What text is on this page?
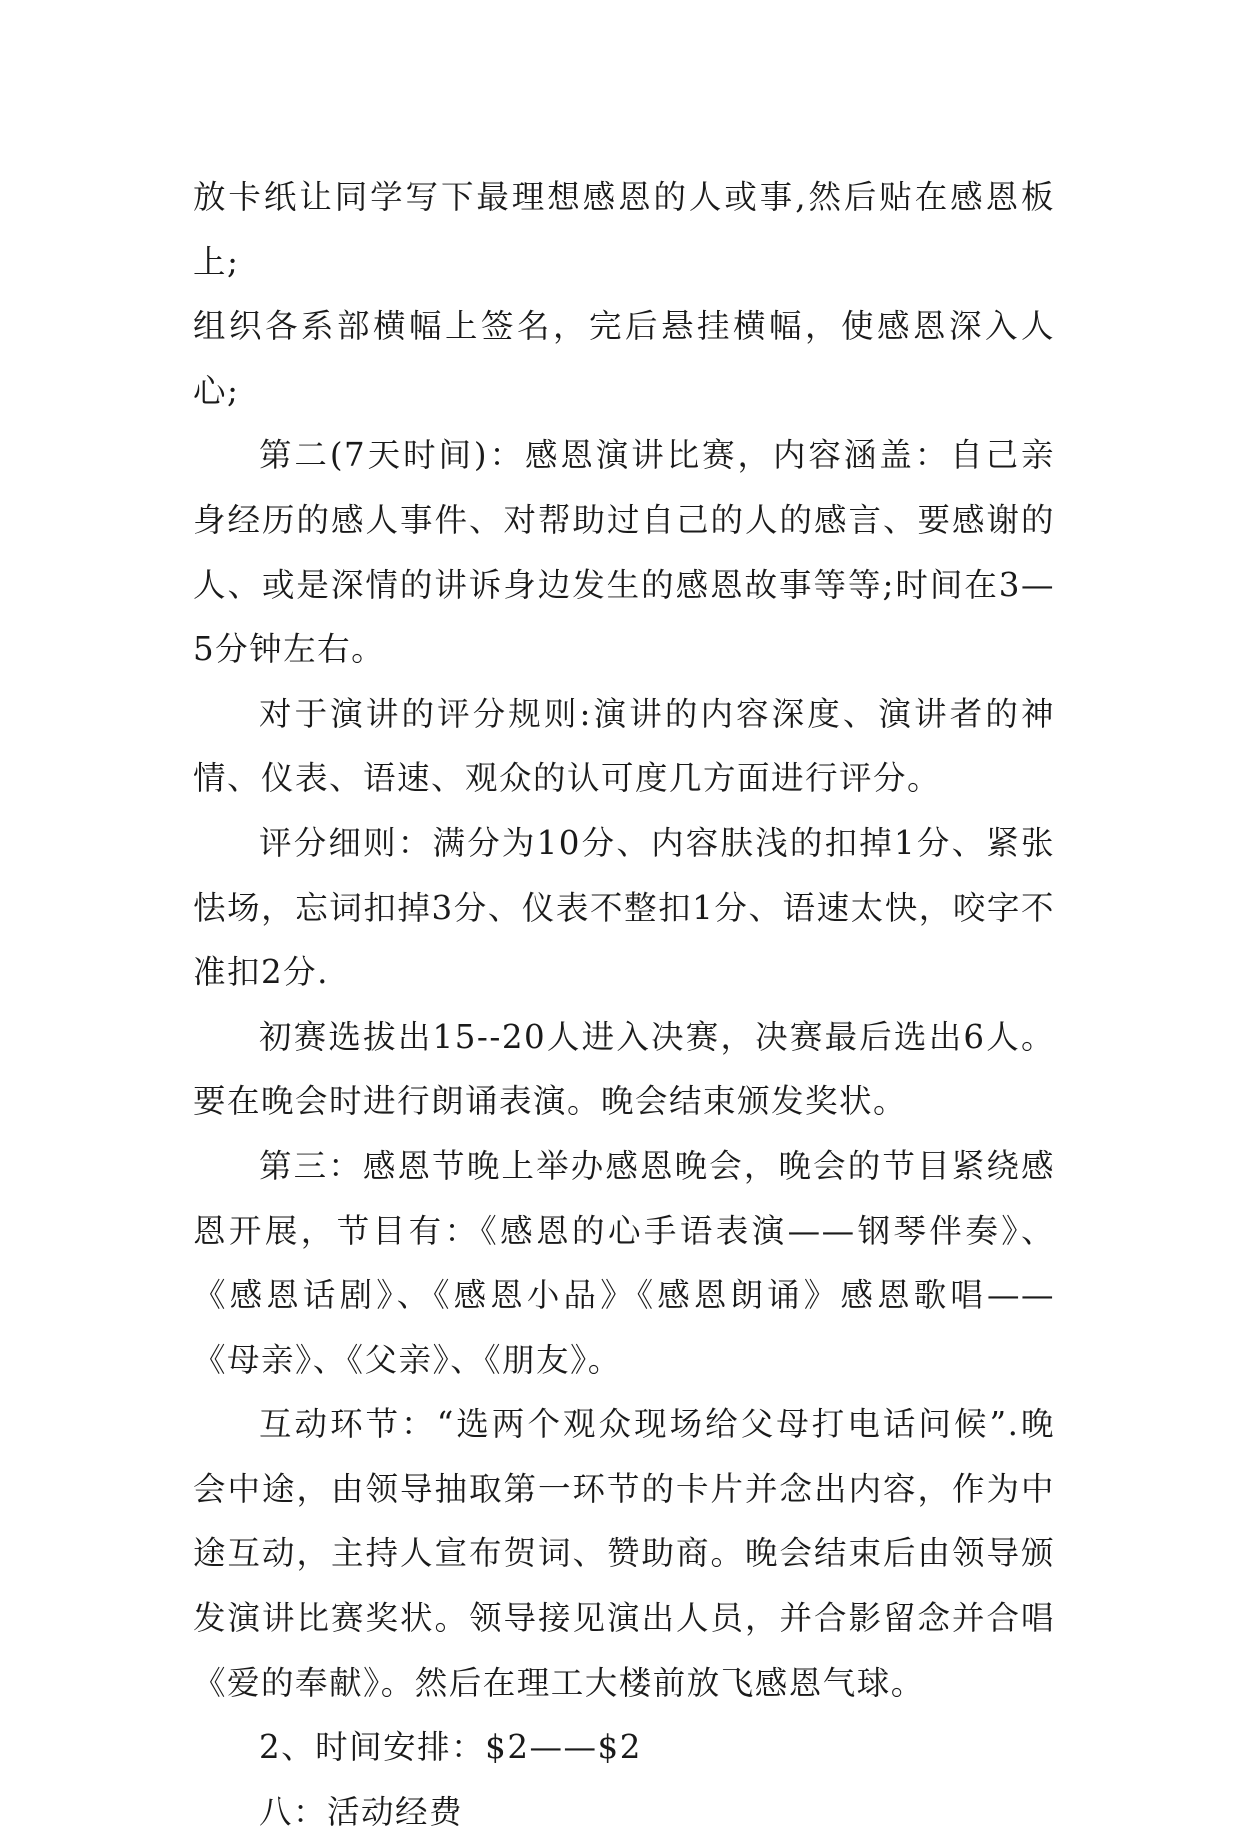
放卡纸让同学写下最理想感恩的人或事,然后贴在感恩板上;

组织各系部横幅上签名，完后悬挂横幅，使感恩深入人心;

第二(7天时间)：感恩演讲比赛，内容涵盖：自己亲身经历的感人事件、对帮助过自己的人的感言、要感谢的人、或是深情的讲诉身边发生的感恩故事等等;时间在3—5分钟左右。

对于演讲的评分规则:演讲的内容深度、演讲者的神情、仪表、语速、观众的认可度几方面进行评分。

评分细则：满分为10分、内容肤浅的扣掉1分、紧张怯场，忘词扣掉3分、仪表不整扣1分、语速太快，咬字不准扣2分.

初赛选拔出15--20人进入决赛，决赛最后选出6人。要在晚会时进行朗诵表演。晚会结束颁发奖状。

第三：感恩节晚上举办感恩晚会，晚会的节目紧绕感恩开展，节目有：《感恩的心手语表演——钢琴伴奏》、《感恩话剧》、《感恩小品》《感恩朗诵》感恩歌唱——《母亲》、《父亲》、《朋友》。

互动环节：“选两个观众现场给父母打电话问候”.晚会中途，由领导抽取第一环节的卡片并念出内容，作为中途互动，主持人宣布贺词、赞助商。晚会结束后由领导颁发演讲比赛奖状。领导接见演出人员，并合影留念并合唱《爱的奉献》。然后在理工大楼前放飞感恩气球。

2、时间安排：$2——$2

八：活动经费
